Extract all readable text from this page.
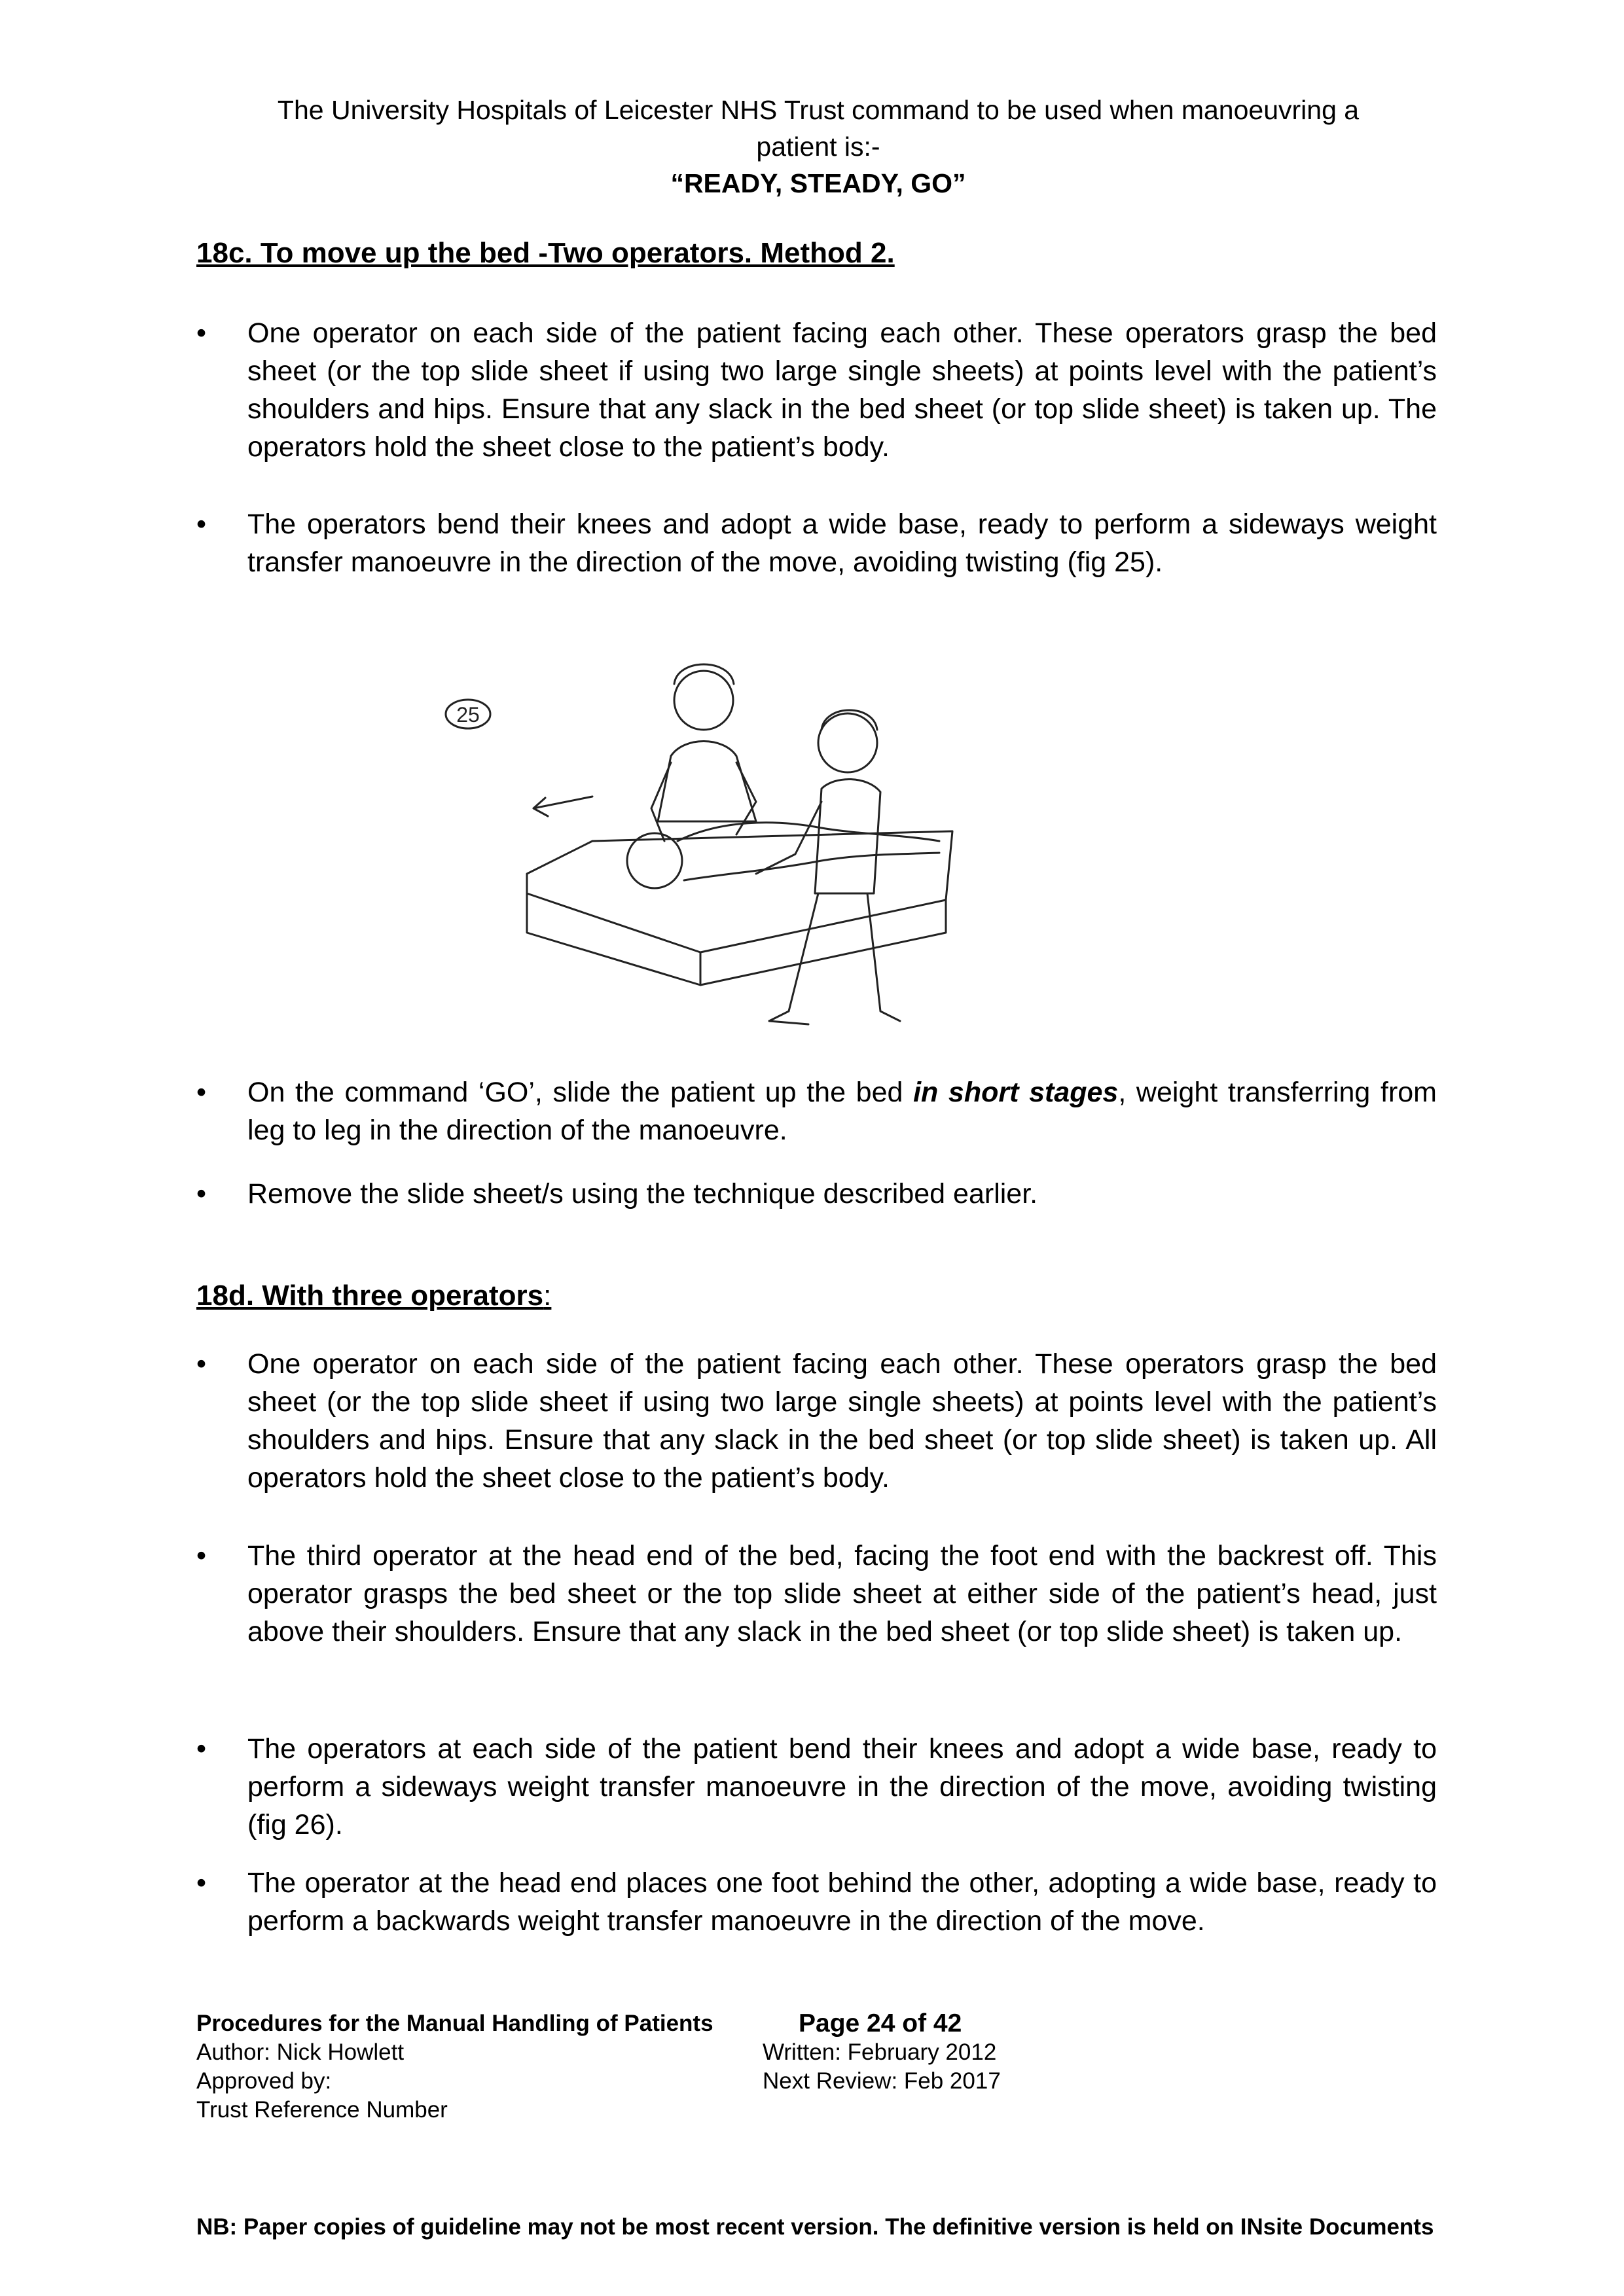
The University Hospitals of Leicester NHS Trust command to be used when manoeuvring a
patient is:-
“READY, STEADY, GO”
18c. To move up the bed -Two operators. Method 2.
•	One operator on each side of the patient facing each other. These operators grasp the bed sheet (or the top slide sheet if using two large single sheets) at points level with the patient’s shoulders and hips. Ensure that any slack in the bed sheet (or top slide sheet) is taken up. The operators hold the sheet close to the patient’s body.
•	The operators bend their knees and adopt a wide base, ready to perform a sideways weight transfer manoeuvre in the direction of the move, avoiding twisting (fig 25).
25
•	On the command ‘GO’, slide the patient up the bed in short stages, weight transferring from leg to leg in the direction of the manoeuvre.
•	Remove the slide sheet/s using the technique described earlier.
18d. With three operators:
•	One operator on each side of the patient facing each other. These operators grasp the bed sheet (or the top slide sheet if using two large single sheets) at points level with the patient’s shoulders and hips. Ensure that any slack in the bed sheet (or top slide sheet) is taken up. All operators hold the sheet close to the patient’s body.
•	The third operator at the head end of the bed, facing the foot end with the backrest off. This operator grasps the bed sheet or the top slide sheet at either side of the patient’s head, just above their shoulders. Ensure that any slack in the bed sheet (or top slide sheet) is taken up.
•	The operators at each side of the patient bend their knees and adopt a wide base, ready to perform a sideways weight transfer manoeuvre in the direction of the move, avoiding twisting (fig 26).
•	The operator at the head end places one foot behind the other, adopting a wide base, ready to perform a backwards weight transfer manoeuvre in the direction of the move.
Procedures for the Manual Handling of Patients	Page 24 of 42
Author: Nick Howlett	Written: February 2012
Approved by:	Next Review: Feb 2017
Trust Reference Number
NB: Paper copies of guideline may not be most recent version. The definitive version is held on INsite Documents
